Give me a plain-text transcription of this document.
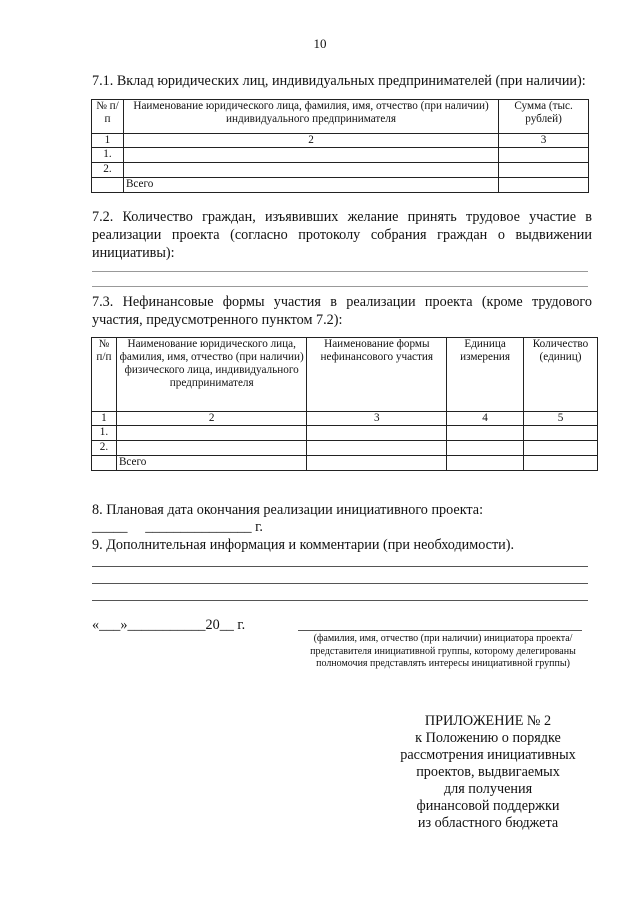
10
7.1. Вклад юридических лиц, индивидуальных предпринимателей (при наличии):
№ п/п	Наименование юридического лица, фамилия, имя, отчество (при наличии) индивидуального предпринимателя	Сумма (тыс. рублей)
1	2	3
1.		
2.		
	Всего	
7.2. Количество граждан, изъявивших желание принять трудовое участие в реализации проекта (согласно протоколу собрания граждан о выдвижении инициативы):
7.3. Нефинансовые формы участия в реализации проекта (кроме трудового участия, предусмотренного пунктом 7.2):
№ п/п	Наименование юридического лица, фамилия, имя, отчество (при наличии) физического лица, индивидуального предпринимателя	Наименование формы нефинансового участия	Единица измерения	Количество (единиц)
1	2	3	4	5
1.				
2.				
	Всего			
8. Плановая дата окончания реализации инициативного проекта:
_____     _______________ г.
9. Дополнительная информация и комментарии (при необходимости).
«___»___________20__ г.
(фамилия, имя, отчество (при наличии) инициатора проекта/представителя инициативной группы, которому делегированы полномочия представлять интересы инициативной группы)
ПРИЛОЖЕНИЕ № 2
к Положению о порядке
рассмотрения инициативных
проектов, выдвигаемых
для получения
финансовой поддержки
из областного бюджета
